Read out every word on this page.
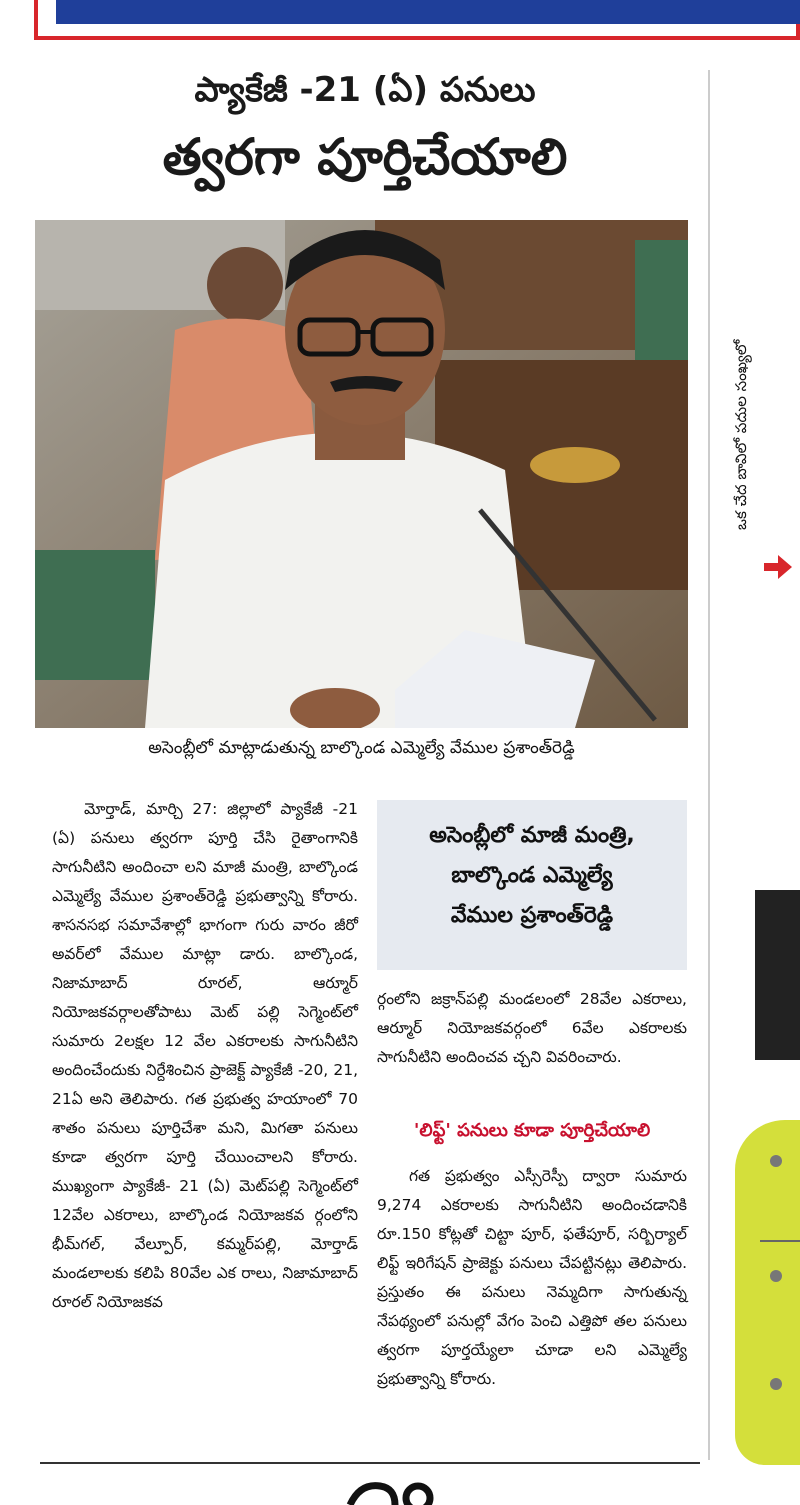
ప్యాకేజీ -21 (ఏ) పనులు
త్వరగా పూర్తిచేయాలి
అసెంబ్లీలో మాట్లాడుతున్న బాల్కొండ ఎమ్మెల్యే వేముల ప్రశాంత్‌రెడ్డి
మోర్తాడ్, మార్చి 27: జిల్లాలో ప్యాకేజీ -21 (ఏ) పనులు త్వరగా పూర్తి చేసి రైతాంగానికి సాగునీటిని అందించా లని మాజీ మంత్రి, బాల్కొండ ఎమ్మెల్యే వేముల ప్రశాంత్‌రెడ్డి ప్రభుత్వాన్ని కోరారు. శాసనసభ సమావేశాల్లో భాగంగా గురు వారం జీరో అవర్‌లో వేముల మాట్లా డారు. బాల్కొండ, నిజామాబాద్ రూరల్, ఆర్మూర్ నియోజకవర్గాలతోపాటు మెట్ పల్లి సెగ్మెంట్‌లో సుమారు 2లక్షల 12 వేల ఎకరాలకు సాగునీటిని అందించేందుకు నిర్దేశించిన ప్రాజెక్ట్ ప్యాకేజీ -20, 21, 21ఏ అని తెలిపారు. గత ప్రభుత్వ హయాంలో 70 శాతం పనులు పూర్తిచేశా మని, మిగతా పనులు కూడా త్వరగా పూర్తి చేయించాలని కోరారు. ముఖ్యంగా ప్యాకేజీ- 21 (ఏ) మెట్‌పల్లి సెగ్మెంట్‌లో 12వేల ఎకరాలు, బాల్కొండ నియోజకవ ర్గంలోని భీమ్‌గల్, వేల్పూర్, కమ్మర్‌పల్లి, మోర్తాడ్ మండలాలకు కలిపి 80వేల ఎక రాలు, నిజామాబాద్ రూరల్ నియోజకవ
అసెంబ్లీలో మాజీ మంత్రి,
బాల్కొండ ఎమ్మెల్యే
వేముల ప్రశాంత్‌రెడ్డి
ర్గంలోని జక్రాన్‌పల్లి మండలంలో 28వేల ఎకరాలు, ఆర్మూర్ నియోజకవర్గంలో 6వేల ఎకరాలకు సాగునీటిని అందించవ చ్చని వివరించారు.
'లిఫ్ట్' పనులు కూడా పూర్తిచేయాలి
గత ప్రభుత్వం ఎస్సీరెస్పీ ద్వారా సుమారు 9,274 ఎకరాలకు సాగునీటిని అందించడానికి రూ.150 కోట్లతో చిట్టా పూర్, ఫతేపూర్, సర్బిర్యాల్ లిఫ్ట్ ఇరిగేషన్ ప్రాజెక్టు పనులు చేపట్టినట్లు తెలిపారు. ప్రస్తుతం ఈ పనులు నెమ్మదిగా సాగుతున్న నేపథ్యంలో పనుల్లో వేగం పెంచి ఎత్తిపో తల పనులు త్వరగా పూర్తయ్యేలా చూడా లని ఎమ్మెల్యే ప్రభుత్వాన్ని కోరారు.
ఒక చేద బావిలో పదుల సంఖ్యలో
